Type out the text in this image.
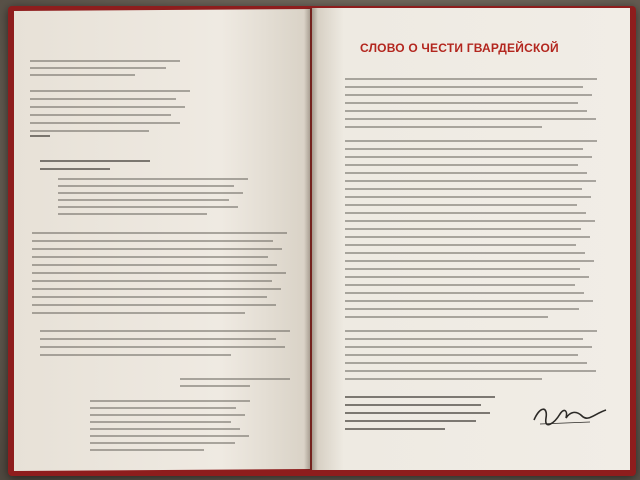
СЛОВО О ЧЕСТИ ГВАРДЕЙСКОЙ
